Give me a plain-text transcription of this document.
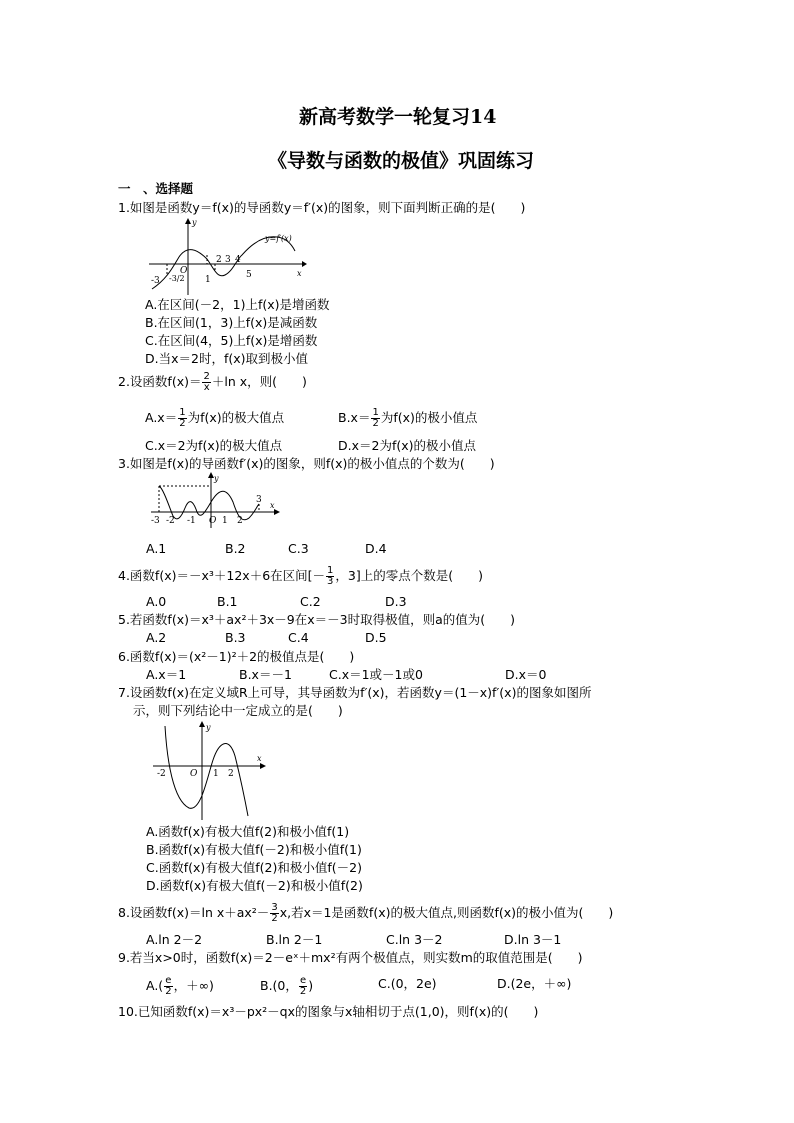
新高考数学一轮复习14
《导数与函数的极值》巩固练习
一　、选择题
1.如图是函数y＝f(x)的导函数y＝f′(x)的图象，则下面判断正确的是(　　)
y
x
y=f′(x)
O
-3 -3/2 1
2 3 4
5
A.在区间(－2，1)上f(x)是增函数
B.在区间(1，3)上f(x)是减函数
C.在区间(4，5)上f(x)是增函数
D.当x＝2时，f(x)取到极小值
2.设函数$f(x)= \frac{2}{x} +\ln$ x，则(　　)
$A.x= \frac{1}{2}$ 为f(x)的极大值点	$B.x= \frac{1}{2}$ 为f(x)的极小值点
C.x＝2为f(x)的极大值点	D.x＝2为f(x)的极小值点
3.如图是f(x)的导函数f′(x)的图象，则f(x)的极小值点的个数为(　　)
y
x
-3 -2 -1 O 1 2
3
A.1	B.2	C.3	D.4
4.函数f(x)＝－x³＋12x＋6在区间[－ $\frac{1}{3}$ ，3]上的零点个数是(　　)
A.0	B.1	C.2	D.3
5.若函数f(x)＝x³＋ax²＋3x－9在x＝－3时取得极值，则a的值为(　　)
A.2	B.3	C.4	D.5
6.函数f(x)＝(x²－1)²＋2的极值点是(　　)
A.x＝1	B.x＝－1	C.x＝1或－1或0	D.x＝0
7.设函数f(x)在定义域R上可导，其导函数为f′(x)，若函数y＝(1－x)f′(x)的图象如图所
示，则下列结论中一定成立的是(　　)
y
x
-2	O 1 2
A.函数f(x)有极大值f(2)和极小值f(1)
B.函数f(x)有极大值f(－2)和极小值f(1)
C.函数f(x)有极大值f(2)和极小值f(－2)
D.函数f(x)有极大值f(－2)和极小值f(2)
8.设函数f(x)＝ln $x+ax^2- \frac{3}{2} x$,若x＝1是函数f(x)的极大值点,则函数f(x)的极小值为(　　)
A.ln 2－2	B.ln 2－1	C.ln 3－2	D.ln 3－1
9.若当x>0时，函数f(x)＝2－eˣ＋mx²有两个极值点，则实数m的取值范围是(　　)
$A.( \frac{e}{2}$ ，＋∞)	B.(0， $\frac{e}{2}$ )	C.(0，2e)	D.(2e，＋∞)
10.已知函数f(x)＝x³－px²－qx的图象与x轴相切于点(1,0)，则f(x)的(　　)
